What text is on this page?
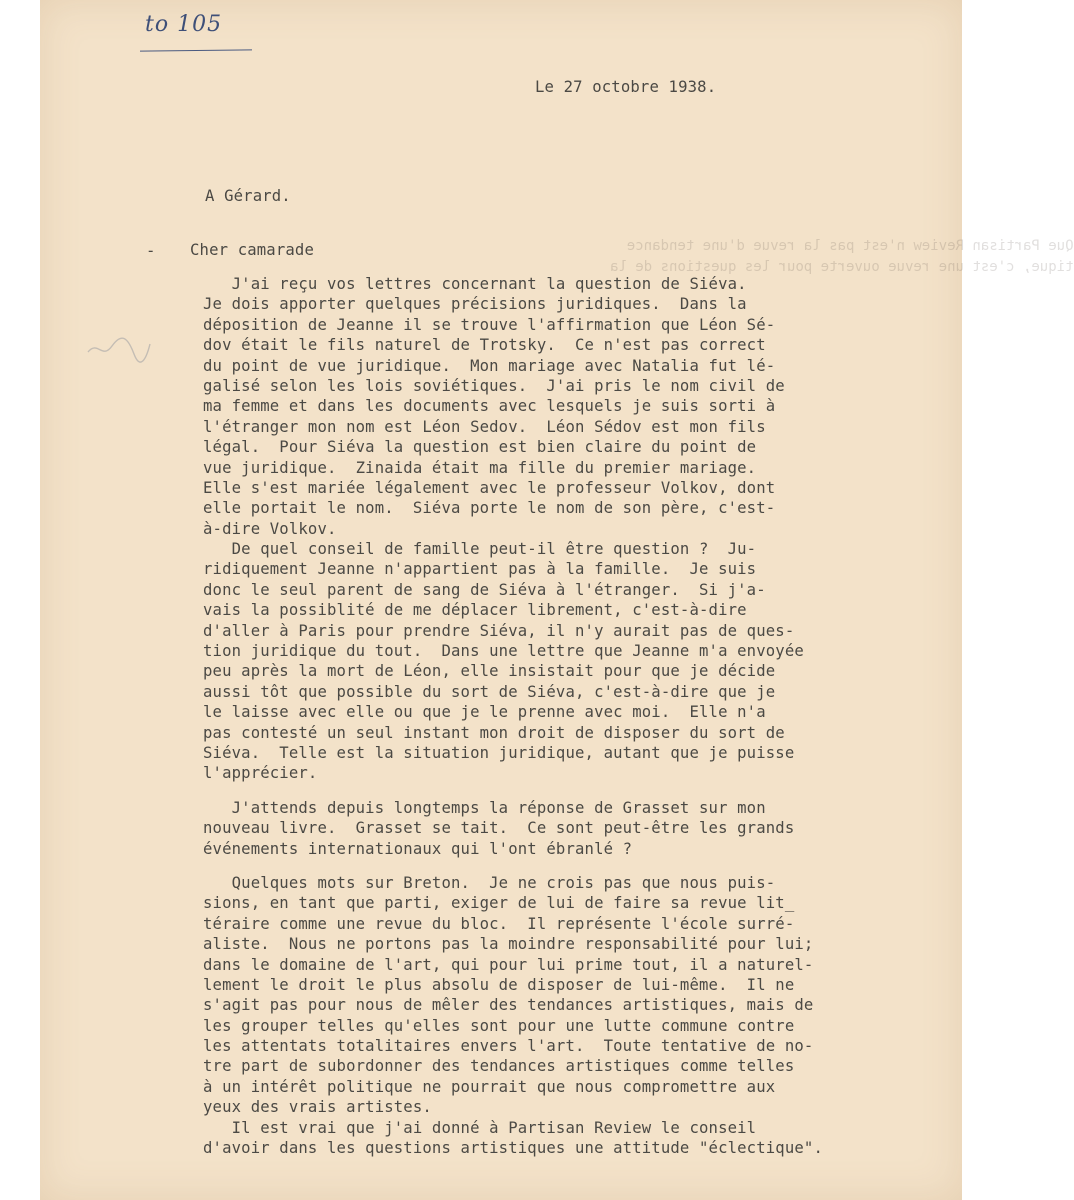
to 105
-	Que Partisan Review n'est pas la revue d'une tendance
tique, c'est une revue ouverte pour les questions de la
Le 27 octobre 1938.
A Gérard.
Cher camarade
J'ai reçu vos lettres concernant la question de Siéva.
Je dois apporter quelques précisions juridiques.  Dans la
déposition de Jeanne il se trouve l'affirmation que Léon Sé-
dov était le fils naturel de Trotsky.  Ce n'est pas correct
du point de vue juridique.  Mon mariage avec Natalia fut lé-
galisé selon les lois soviétiques.  J'ai pris le nom civil de
ma femme et dans les documents avec lesquels je suis sorti à
l'étranger mon nom est Léon Sedov.  Léon Sédov est mon fils
légal.  Pour Siéva la question est bien claire du point de
vue juridique.  Zinaida était ma fille du premier mariage.
Elle s'est mariée légalement avec le professeur Volkov, dont
elle portait le nom.  Siéva porte le nom de son père, c'est-
à-dire Volkov.
De quel conseil de famille peut-il être question ?  Ju-
ridiquement Jeanne n'appartient pas à la famille.  Je suis
donc le seul parent de sang de Siéva à l'étranger.  Si j'a-
vais la possiblité de me déplacer librement, c'est-à-dire
d'aller à Paris pour prendre Siéva, il n'y aurait pas de ques-
tion juridique du tout.  Dans une lettre que Jeanne m'a envoyée
peu après la mort de Léon, elle insistait pour que je décide
aussi tôt que possible du sort de Siéva, c'est-à-dire que je
le laisse avec elle ou que je le prenne avec moi.  Elle n'a
pas contesté un seul instant mon droit de disposer du sort de
Siéva.  Telle est la situation juridique, autant que je puisse
l'apprécier.
J'attends depuis longtemps la réponse de Grasset sur mon
nouveau livre.  Grasset se tait.  Ce sont peut-être les grands
événements internationaux qui l'ont ébranlé ?
Quelques mots sur Breton.  Je ne crois pas que nous puis-
sions, en tant que parti, exiger de lui de faire sa revue lit_
téraire comme une revue du bloc.  Il représente l'école surré-
aliste.  Nous ne portons pas la moindre responsabilité pour lui;
dans le domaine de l'art, qui pour lui prime tout, il a naturel-
lement le droit le plus absolu de disposer de lui-même.  Il ne
s'agit pas pour nous de mêler des tendances artistiques, mais de
les grouper telles qu'elles sont pour une lutte commune contre
les attentats totalitaires envers l'art.  Toute tentative de no-
tre part de subordonner des tendances artistiques comme telles
à un intérêt politique ne pourrait que nous compromettre aux
yeux des vrais artistes.
Il est vrai que j'ai donné à Partisan Review le conseil
d'avoir dans les questions artistiques une attitude "éclectique".
